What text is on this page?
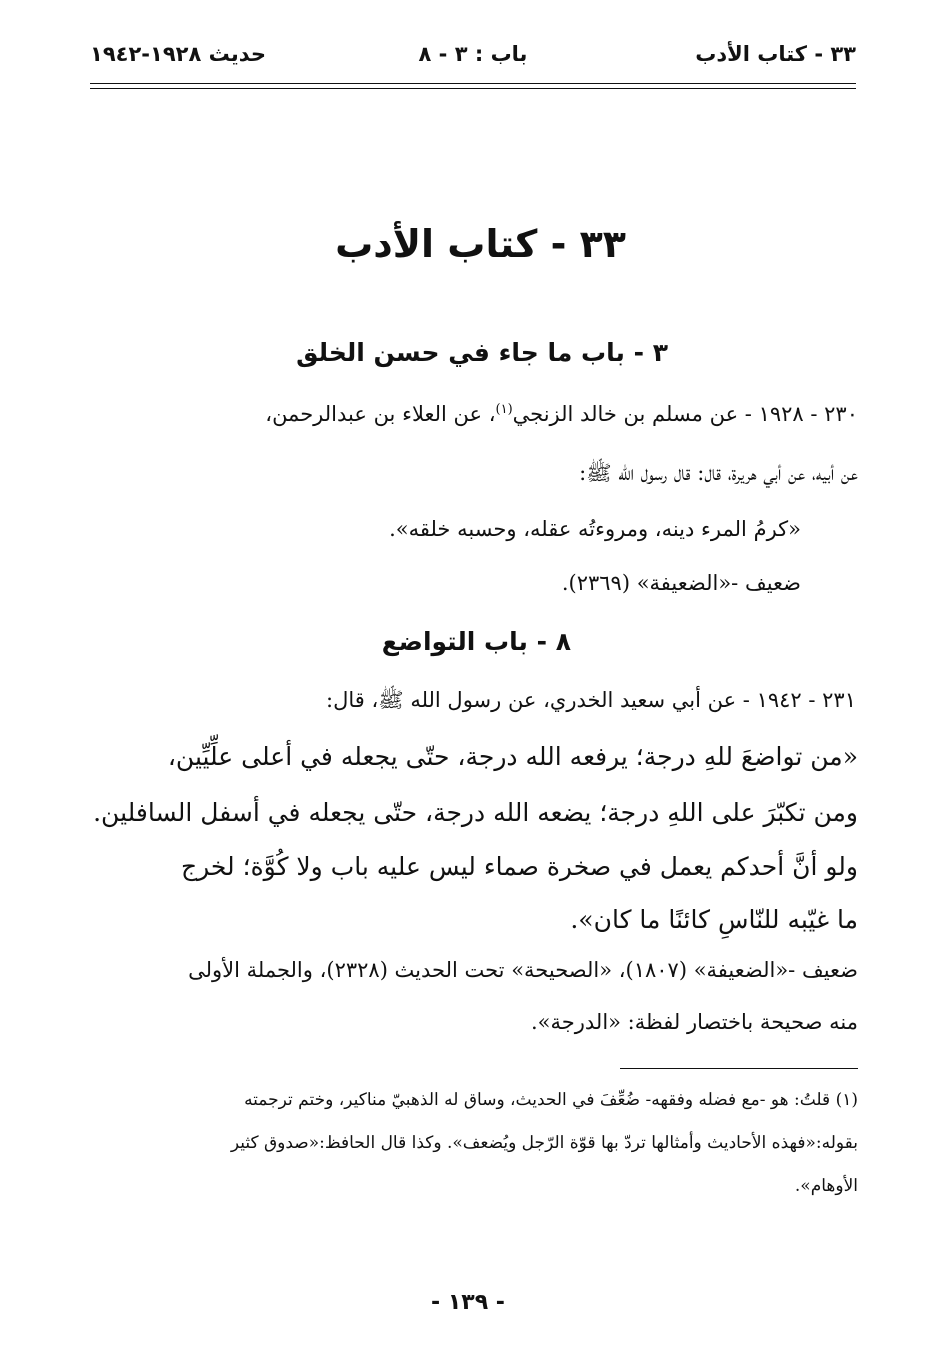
٣٣ - كتاب الأدب
باب : ٣ - ٨
حديث ١٩٢٨-١٩٤٢
٣٣ - كتاب الأدب
٣ - باب ما جاء في حسن الخلق
٢٣٠ - ١٩٢٨ - عن مسلم بن خالد الزنجي$^{(١)}$، عن العلاء بن عبدالرحمن،
عن أبيه، عن أبي هريرة، قال: قال رسول الله ﷺ:
«كرمُ المرء دينه، ومروءتُه عقله، وحسبه خلقه».
ضعيف -«الضعيفة» (٢٣٦٩).
٨ - باب التواضع
٢٣١ - ١٩٤٢ - عن أبي سعيد الخدري، عن رسول الله ﷺ، قال:
«من تواضعَ للهِ درجة؛ يرفعه الله درجة، حتّى يجعله في أعلى علِّيِّين،
ومن تكبّرَ على اللهِ درجة؛ يضعه الله درجة، حتّى يجعله في أسفل السافلين.
ولو أنَّ أحدكم يعمل في صخرة صماء ليس عليه باب ولا كُوَّة؛ لخرج
ما غيّبه للنّاسِ كائنًا ما كان».
ضعيف -«الضعيفة» (١٨٠٧)، «الصحيحة» تحت الحديث (٢٣٢٨)، والجملة الأولى
منه صحيحة باختصار لفظة: «الدرجة».
(١) قلتُ: هو -مع فضله وفقهه- ضُعِّفَ في الحديث، وساق له الذهبيّ مناكير، وختم ترجمته
بقوله:«فهذه الأحاديث وأمثالها تردّ بها قوّة الرّجل ويُضعف». وكذا قال الحافظ:«صدوق كثير
الأوهام».
- ١٣٩ -
